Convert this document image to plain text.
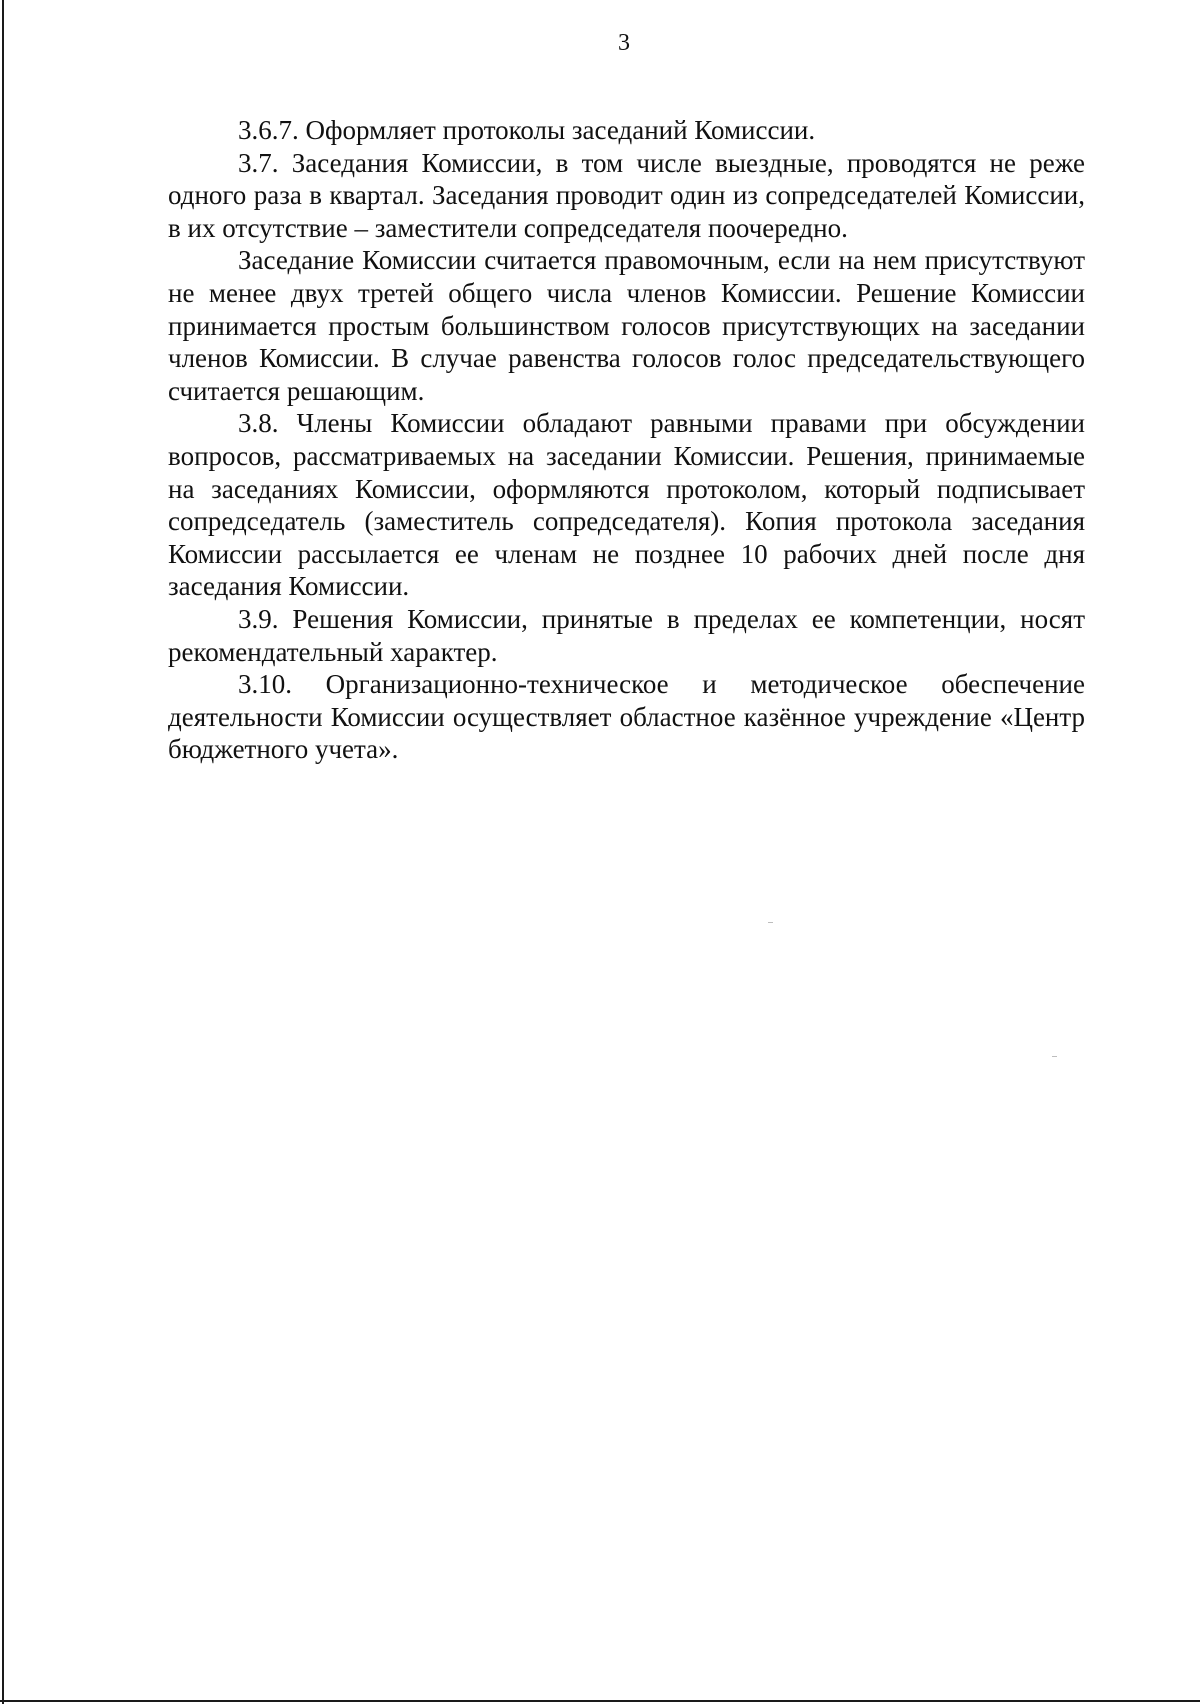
3

3.6.7. Оформляет протоколы заседаний Комиссии.

3.7. Заседания Комиссии, в том числе выездные, проводятся не реже одного раза в квартал. Заседания проводит один из сопредседателей Комиссии, в их отсутствие – заместители сопредседателя поочередно.

Заседание Комиссии считается правомочным, если на нем присутствуют не менее двух третей общего числа членов Комиссии. Решение Комиссии принимается простым большинством голосов присутствующих на заседании членов Комиссии. В случае равенства голосов голос председательствующего считается решающим.

3.8. Члены Комиссии обладают равными правами при обсуждении вопросов, рассматриваемых на заседании Комиссии. Решения, принимаемые на заседаниях Комиссии, оформляются протоколом, который подписывает сопредседатель (заместитель сопредседателя). Копия протокола заседания Комиссии рассылается ее членам не позднее 10 рабочих дней после дня заседания Комиссии.

3.9. Решения Комиссии, принятые в пределах ее компетенции, носят рекомендательный характер.

3.10. Организационно-техническое и методическое обеспечение деятельности Комиссии осуществляет областное казённое учреждение «Центр бюджетного учета».
